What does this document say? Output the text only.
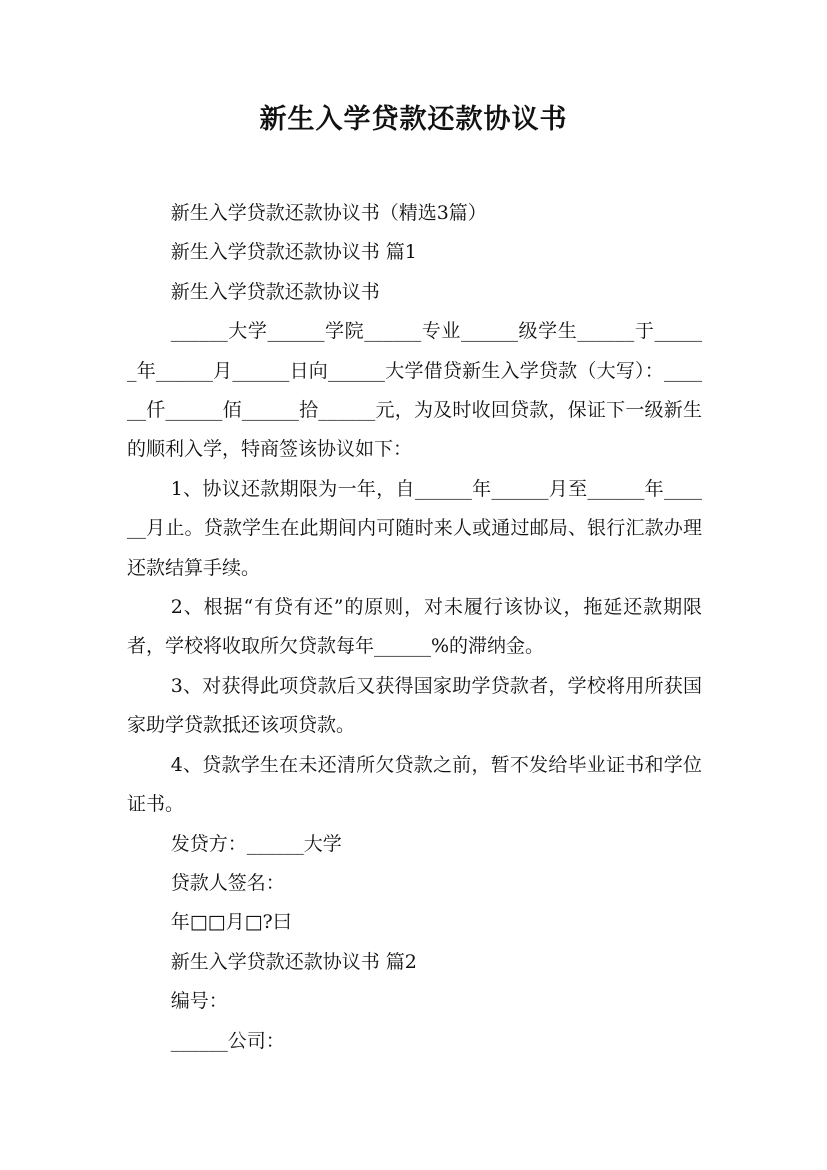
新生入学贷款还款协议书

新生入学贷款还款协议书（精选3篇）

新生入学贷款还款协议书 篇1

新生入学贷款还款协议书

______大学______学院______专业______级学生______于______年______月______日向______大学借贷新生入学贷款（大写）：______仟______佰______拾______元，为及时收回贷款，保证下一级新生的顺利入学，特商签该协议如下：

1、协议还款期限为一年，自______年______月至______年______月止。贷款学生在此期间内可随时来人或通过邮局、银行汇款办理还款结算手续。

2、根据“有贷有还”的原则，对未履行该协议，拖延还款期限者，学校将收取所欠贷款每年______%的滞纳金。

3、对获得此项贷款后又获得国家助学贷款者，学校将用所获国家助学贷款抵还该项贷款。

4、贷款学生在未还清所欠贷款之前，暂不发给毕业证书和学位证书。

发贷方：______大学

贷款人签名：

年□□月□?曰

新生入学贷款还款协议书 篇2

编号：

______公司：
